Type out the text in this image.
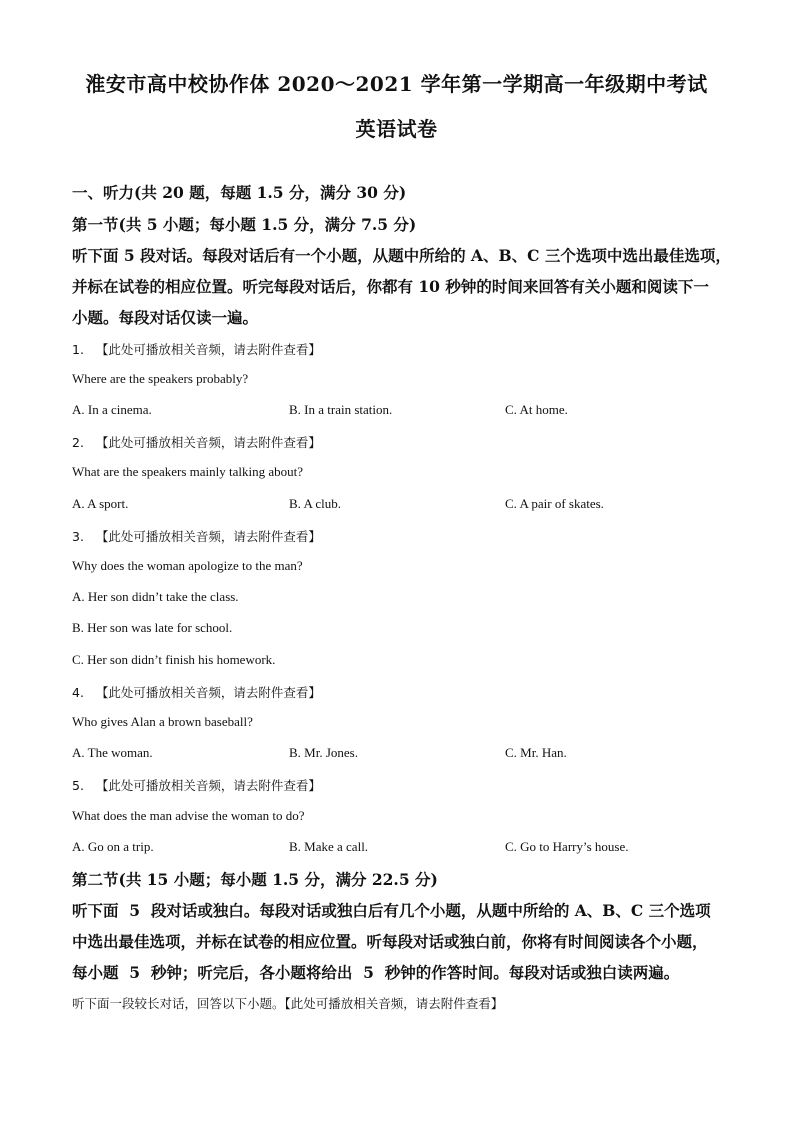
淮安市高中校协作体 2020～2021 学年第一学期高一年级期中考试
英语试卷
一、听力(共 20 题，每题 1.5 分，满分 30 分)
第一节(共 5 小题；每小题 1.5 分，满分 7.5 分)
听下面 5 段对话。每段对话后有一个小题，从题中所给的 A、B、C 三个选项中选出最佳选项，
并标在试卷的相应位置。听完每段对话后，你都有 10 秒钟的时间来回答有关小题和阅读下一
小题。每段对话仅读一遍。
1. 【此处可播放相关音频，请去附件查看】
Where are the speakers probably?
A. In a cinema.	B. In a train station.	C. At home.
2. 【此处可播放相关音频，请去附件查看】
What are the speakers mainly talking about?
A. A sport.	B. A club.	C. A pair of skates.
3. 【此处可播放相关音频，请去附件查看】
Why does the woman apologize to the man?
A. Her son didn’t take the class.
B. Her son was late for school.
C. Her son didn’t finish his homework.
4. 【此处可播放相关音频，请去附件查看】
Who gives Alan a brown baseball?
A. The woman.	B. Mr. Jones.	C. Mr. Han.
5. 【此处可播放相关音频，请去附件查看】
What does the man advise the woman to do?
A. Go on a trip.	B. Make a call.	C. Go to Harry’s house.
第二节(共 15 小题；每小题 1.5 分，满分 22.5 分)
听下面  5  段对话或独白。每段对话或独白后有几个小题，从题中所给的 A、B、C 三个选项
中选出最佳选项，并标在试卷的相应位置。听每段对话或独白前，你将有时间阅读各个小题，
每小题  5  秒钟；听完后，各小题将给出  5  秒钟的作答时间。每段对话或独白读两遍。
听下面一段较长对话，回答以下小题。【此处可播放相关音频，请去附件查看】
